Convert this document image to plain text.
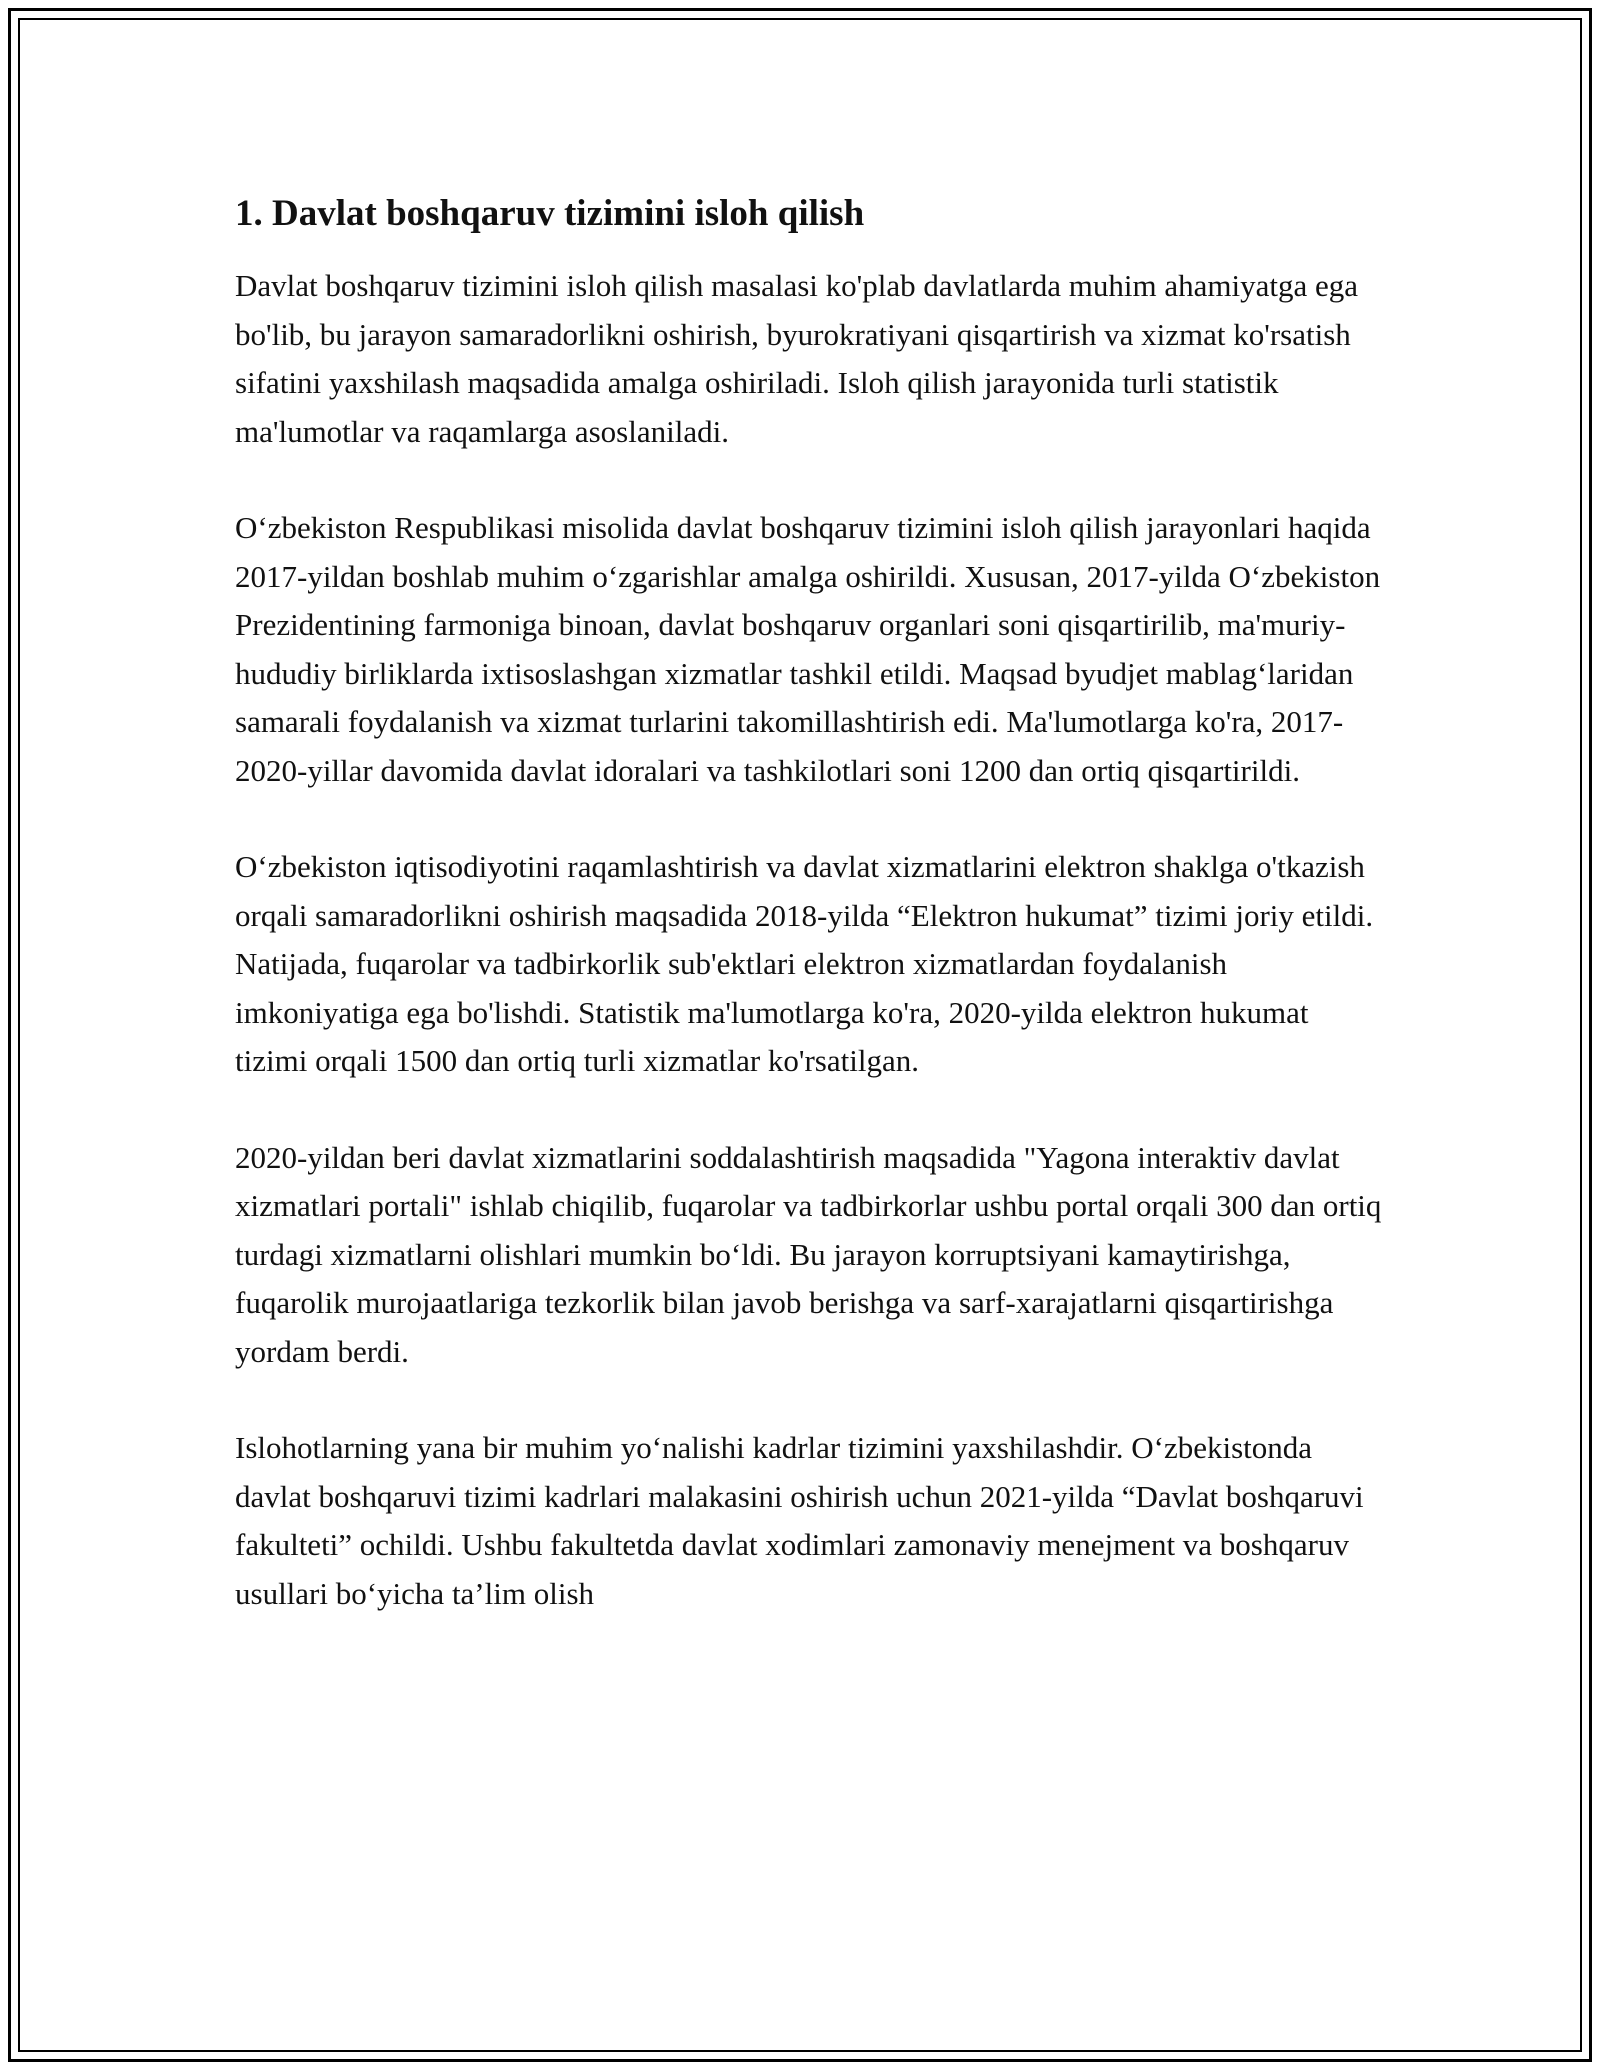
1. Davlat boshqaruv tizimini isloh qilish

Davlat boshqaruv tizimini isloh qilish masalasi ko'plab davlatlarda muhim ahamiyatga ega bo'lib, bu jarayon samaradorlikni oshirish, byurokratiyani qisqartirish va xizmat ko'rsatish sifatini yaxshilash maqsadida amalga oshiriladi. Isloh qilish jarayonida turli statistik ma'lumotlar va raqamlarga asoslaniladi.

O‘zbekiston Respublikasi misolida davlat boshqaruv tizimini isloh qilish jarayonlari haqida 2017-yildan boshlab muhim o‘zgarishlar amalga oshirildi. Xususan, 2017-yilda O‘zbekiston Prezidentining farmoniga binoan, davlat boshqaruv organlari soni qisqartirilib, ma'muriy-hududiy birliklarda ixtisoslashgan xizmatlar tashkil etildi. Maqsad byudjet mablag‘laridan samarali foydalanish va xizmat turlarini takomillashtirish edi. Ma'lumotlarga ko'ra, 2017-2020-yillar davomida davlat idoralari va tashkilotlari soni 1200 dan ortiq qisqartirildi.

O‘zbekiston iqtisodiyotini raqamlashtirish va davlat xizmatlarini elektron shaklga o'tkazish orqali samaradorlikni oshirish maqsadida 2018-yilda “Elektron hukumat” tizimi joriy etildi. Natijada, fuqarolar va tadbirkorlik sub'ektlari elektron xizmatlardan foydalanish imkoniyatiga ega bo'lishdi. Statistik ma'lumotlarga ko'ra, 2020-yilda elektron hukumat tizimi orqali 1500 dan ortiq turli xizmatlar ko'rsatilgan.

2020-yildan beri davlat xizmatlarini soddalashtirish maqsadida "Yagona interaktiv davlat xizmatlari portali" ishlab chiqilib, fuqarolar va tadbirkorlar ushbu portal orqali 300 dan ortiq turdagi xizmatlarni olishlari mumkin bo‘ldi. Bu jarayon korruptsiyani kamaytirishga, fuqarolik murojaatlariga tezkorlik bilan javob berishga va sarf-xarajatlarni qisqartirishga yordam berdi.

Islohotlarning yana bir muhim yo‘nalishi kadrlar tizimini yaxshilashdir. O‘zbekistonda davlat boshqaruvi tizimi kadrlari malakasini oshirish uchun 2021-yilda “Davlat boshqaruvi fakulteti” ochildi. Ushbu fakultetda davlat xodimlari zamonaviy menejment va boshqaruv usullari bo‘yicha ta’lim olish
